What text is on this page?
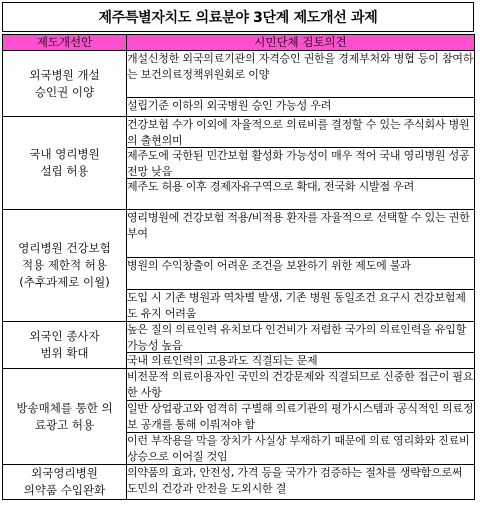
제주특별자치도 의료분야 3단계 제도개선 과제
제도개선안	시민단체 검토의견
외국병원 개설
승인권 이양	개설신청한 외국의료기관의 자격승인 권한을 경제부처와 병협 등이 참여하는 보건의료정책위원회로 이양

	설립기준 이하의 외국병원 승인 가능성 우려

국내 영리병원
설립 허용	건강보험 수가 이외에 자율적으로 의료비를 결정할 수 있는 주식회사 병원의 출현의미

	제주도에 국한된 민간보험 활성화 가능성이 매우 적어 국내 영리병원 성공전망 낮음

	제주도 허용 이후 경제자유구역으로 확대, 전국화 시발점 우려

영리병원 건강보험
적용 제한적 허용
(추후과제로 이월)	영리병원에 건강보험 적용/비적용 환자를 자율적으로 선택할 수 있는 권한부여

	병원의 수익창출이 어려운 조건을 보완하기 위한 제도에 불과

	도입 시 기존 병원과 역차별 발생, 기존 병원 동일조건 요구시 건강보험제도 유지 어려움

외국인 종사자
범위 확대	높은 질의 의료인력 유치보다 인건비가 저렴한 국가의 의료인력을 유입할 가능성 높음

	국내 의료인력의 고용과도 직결되는 문제

방송매체를 통한 의
료광고 허용	비전문적 의료이용자인 국민의 건강문제와 직결되므로 신중한 접근이 필요한 사항

	일반 상업광고와 엄격히 구별해 의료기관의 평가시스템과 공식적인 의료정보 공개를 통해 이뤄져야 함

	이런 부작용을 막을 장치가 사실상 부재하기 때문에 의료 영리화와 진료비 상승으로 이어질 것임

외국영리병원
의약품 수입완화	의약품의 효과, 안전성, 가격 등을 국가가 검증하는 절차를 생략함으로써 도민의 건강과 안전을 도외시한 결
